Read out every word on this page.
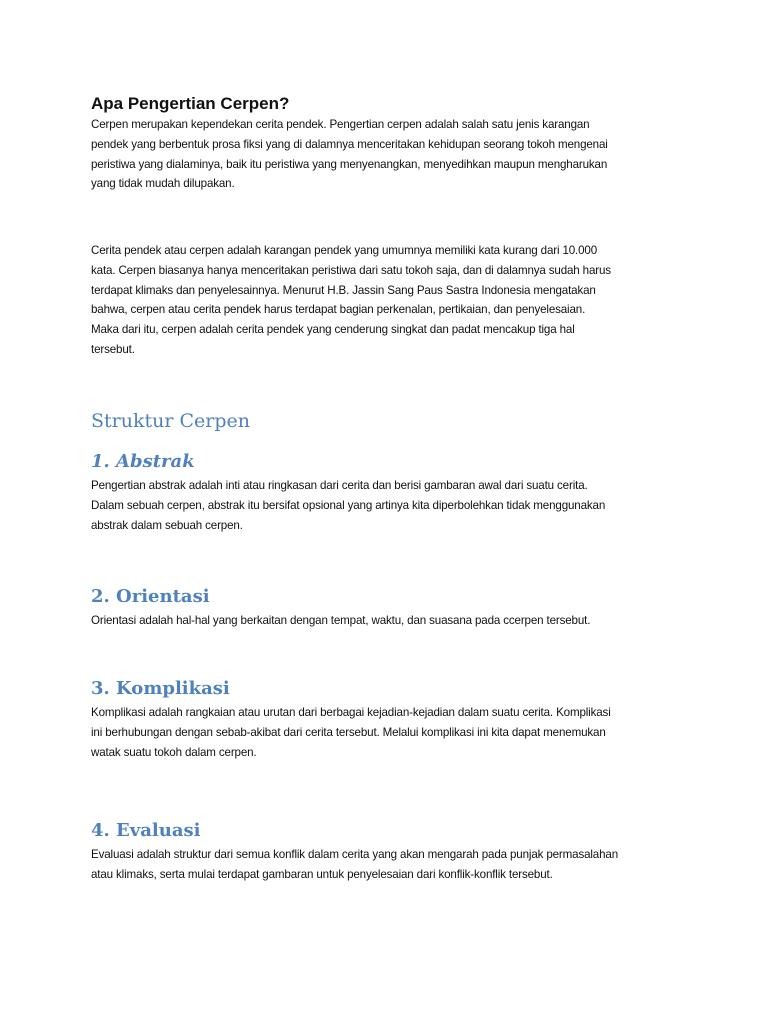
Apa Pengertian Cerpen?
Cerpen merupakan kependekan cerita pendek. Pengertian cerpen adalah salah satu jenis karangan
pendek yang berbentuk prosa fiksi yang di dalamnya menceritakan kehidupan seorang tokoh mengenai
peristiwa yang dialaminya, baik itu peristiwa yang menyenangkan, menyedihkan maupun mengharukan
yang tidak mudah dilupakan.
Cerita pendek atau cerpen adalah karangan pendek yang umumnya memiliki kata kurang dari 10.000
kata. Cerpen biasanya hanya menceritakan peristiwa dari satu tokoh saja, dan di dalamnya sudah harus
terdapat klimaks dan penyelesainnya. Menurut H.B. Jassin Sang Paus Sastra Indonesia mengatakan
bahwa, cerpen atau cerita pendek harus terdapat bagian perkenalan, pertikaian, dan penyelesaian.
Maka dari itu, cerpen adalah cerita pendek yang cenderung singkat dan padat mencakup tiga hal
tersebut.
Struktur Cerpen
1. Abstrak
Pengertian abstrak adalah inti atau ringkasan dari cerita dan berisi gambaran awal dari suatu cerita.
Dalam sebuah cerpen, abstrak itu bersifat opsional yang artinya kita diperbolehkan tidak menggunakan
abstrak dalam sebuah cerpen.
2. Orientasi
Orientasi adalah hal-hal yang berkaitan dengan tempat, waktu, dan suasana pada ccerpen tersebut.
3. Komplikasi
Komplikasi adalah rangkaian atau urutan dari berbagai kejadian-kejadian dalam suatu cerita. Komplikasi
ini berhubungan dengan sebab-akibat dari cerita tersebut. Melalui komplikasi ini kita dapat menemukan
watak suatu tokoh dalam cerpen.
4. Evaluasi
Evaluasi adalah struktur dari semua konflik dalam cerita yang akan mengarah pada punjak permasalahan
atau klimaks, serta mulai terdapat gambaran untuk penyelesaian dari konflik-konflik tersebut.
